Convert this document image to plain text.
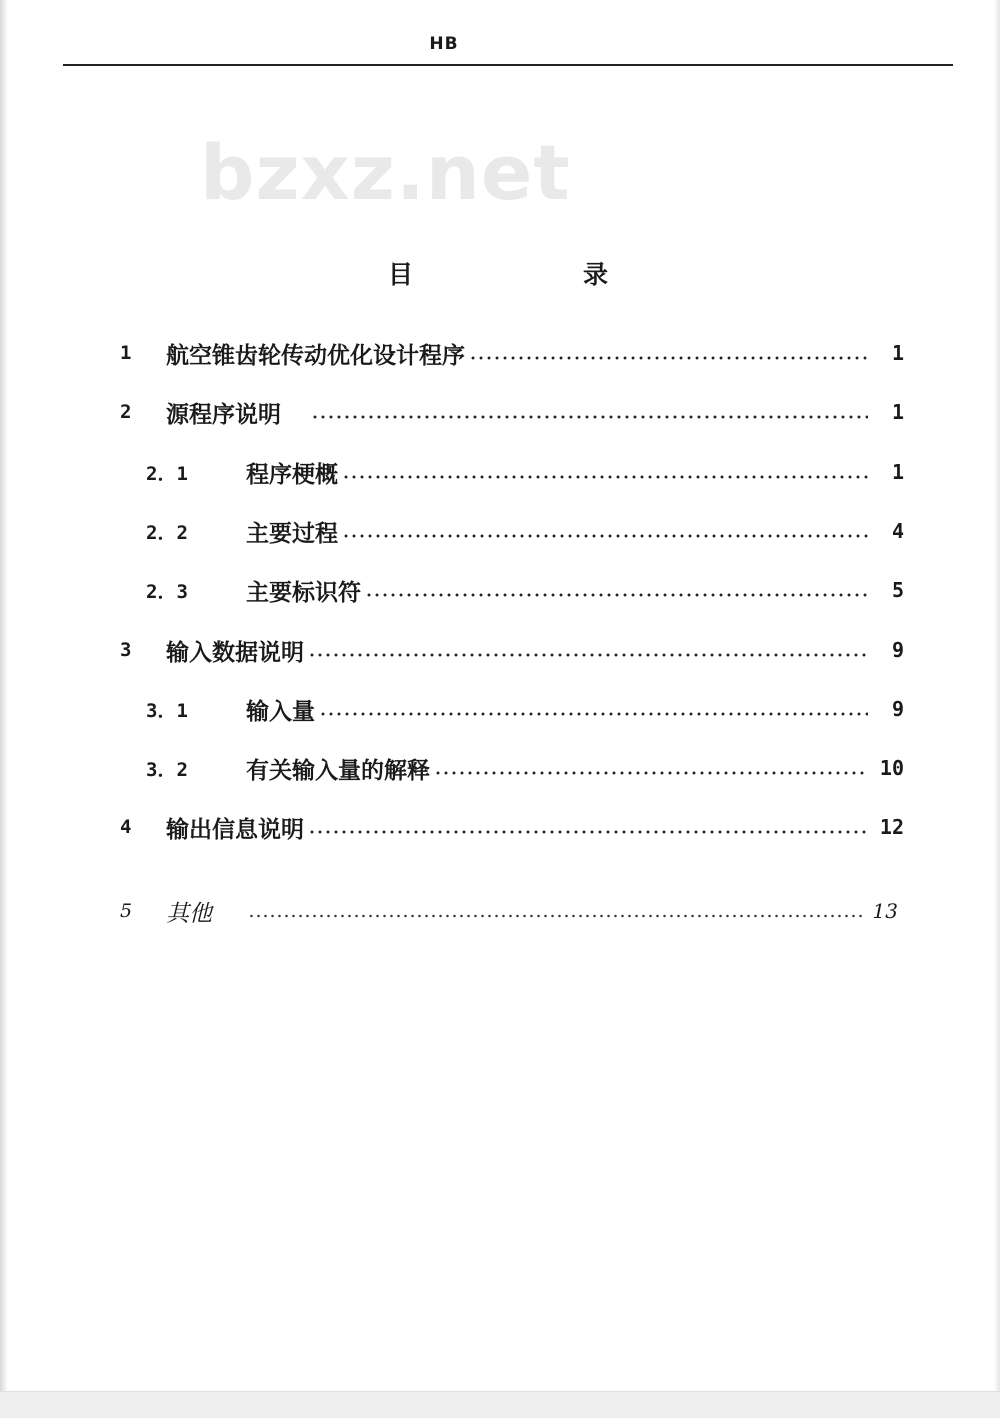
HB
bzxz.net
目	录
1	航空锥齿轮传动优化设计程序	1
2	源程序说明	1
2．1	程序梗概	1
2．2	主要过程	4
2．3	主要标识符	5
3	输入数据说明	9
3．1	输入量	9
3．2	有关输入量的解释	10
4	输出信息说明	12
5	其他	13
